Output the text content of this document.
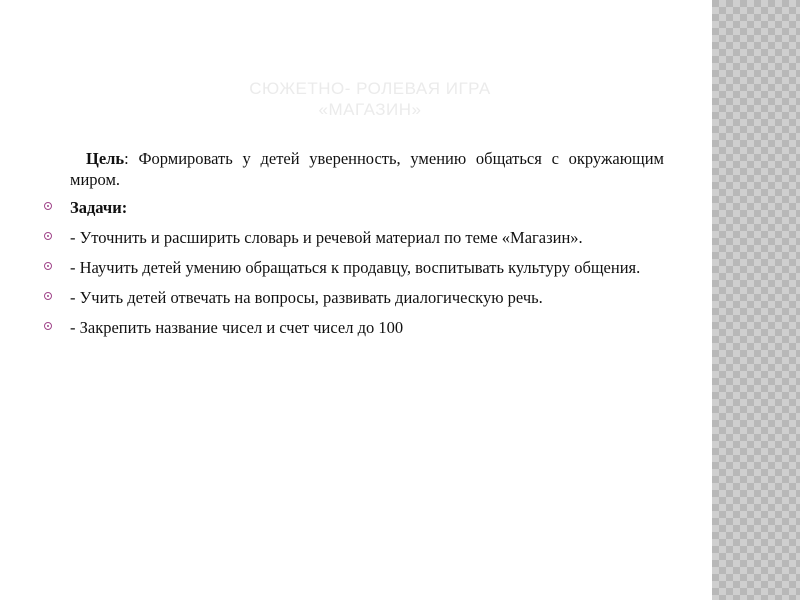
СЮЖЕТНО- РОЛЕВАЯ ИГРА
«МАГАЗИН»

Цель: Формировать у детей уверенность, умению общаться с окружающим миром.

Задачи:
- Уточнить и расширить словарь и речевой материал по теме «Магазин».
- Научить детей умению обращаться к продавцу, воспитывать культуру общения.
- Учить детей отвечать на вопросы, развивать диалогическую речь.
- Закрепить название чисел и счет чисел до 100
